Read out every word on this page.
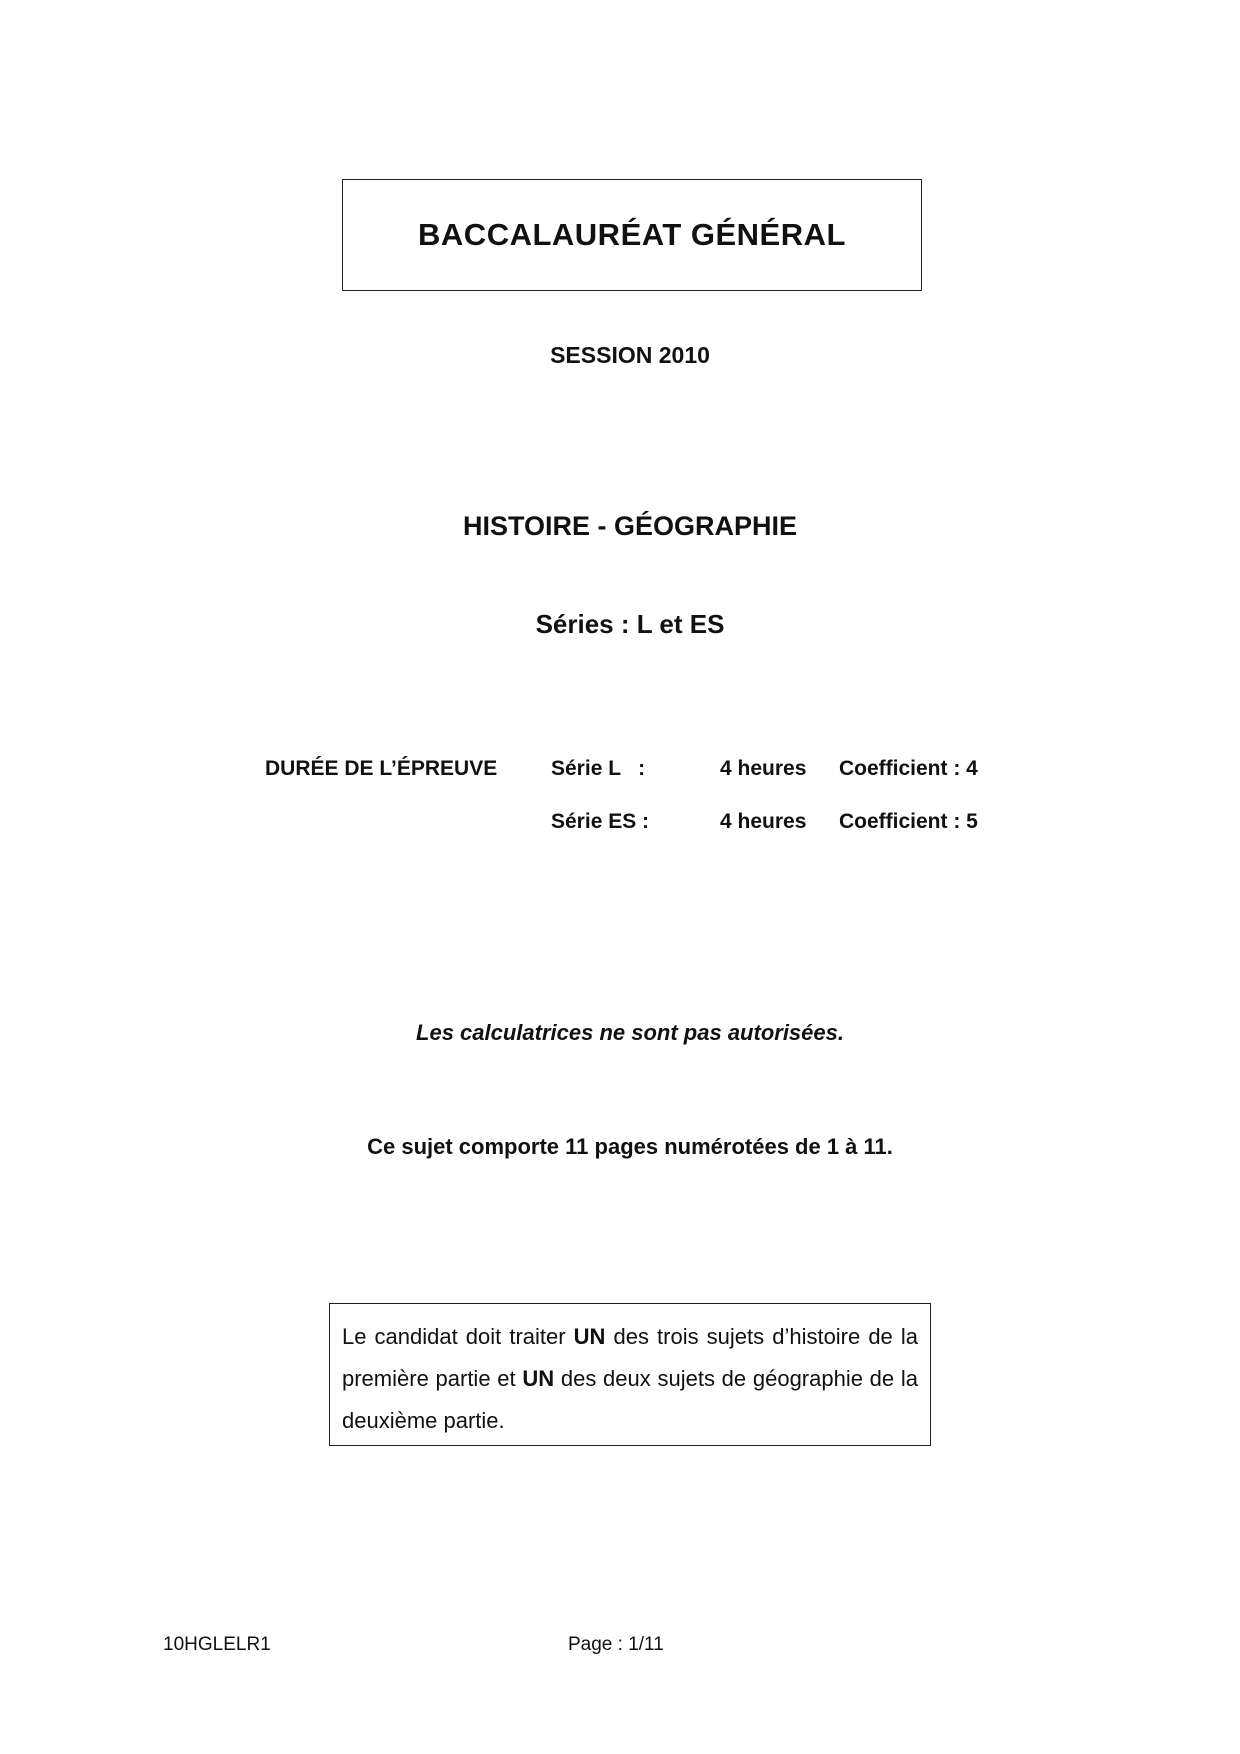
BACCALAURÉAT GÉNÉRAL
SESSION 2010
HISTOIRE - GÉOGRAPHIE
Séries : L et ES
DURÉE DE L’ÉPREUVE	Série L   :	4 heures Coefficient : 4
Série ES :	4 heures Coefficient : 5
Les calculatrices ne sont pas autorisées.
Ce sujet comporte 11 pages numérotées de 1 à 11.
Le candidat doit traiter UN des trois sujets d’histoire de la première partie et UN des deux sujets de géographie de la deuxième partie.
10HGLELR1	Page : 1/11
